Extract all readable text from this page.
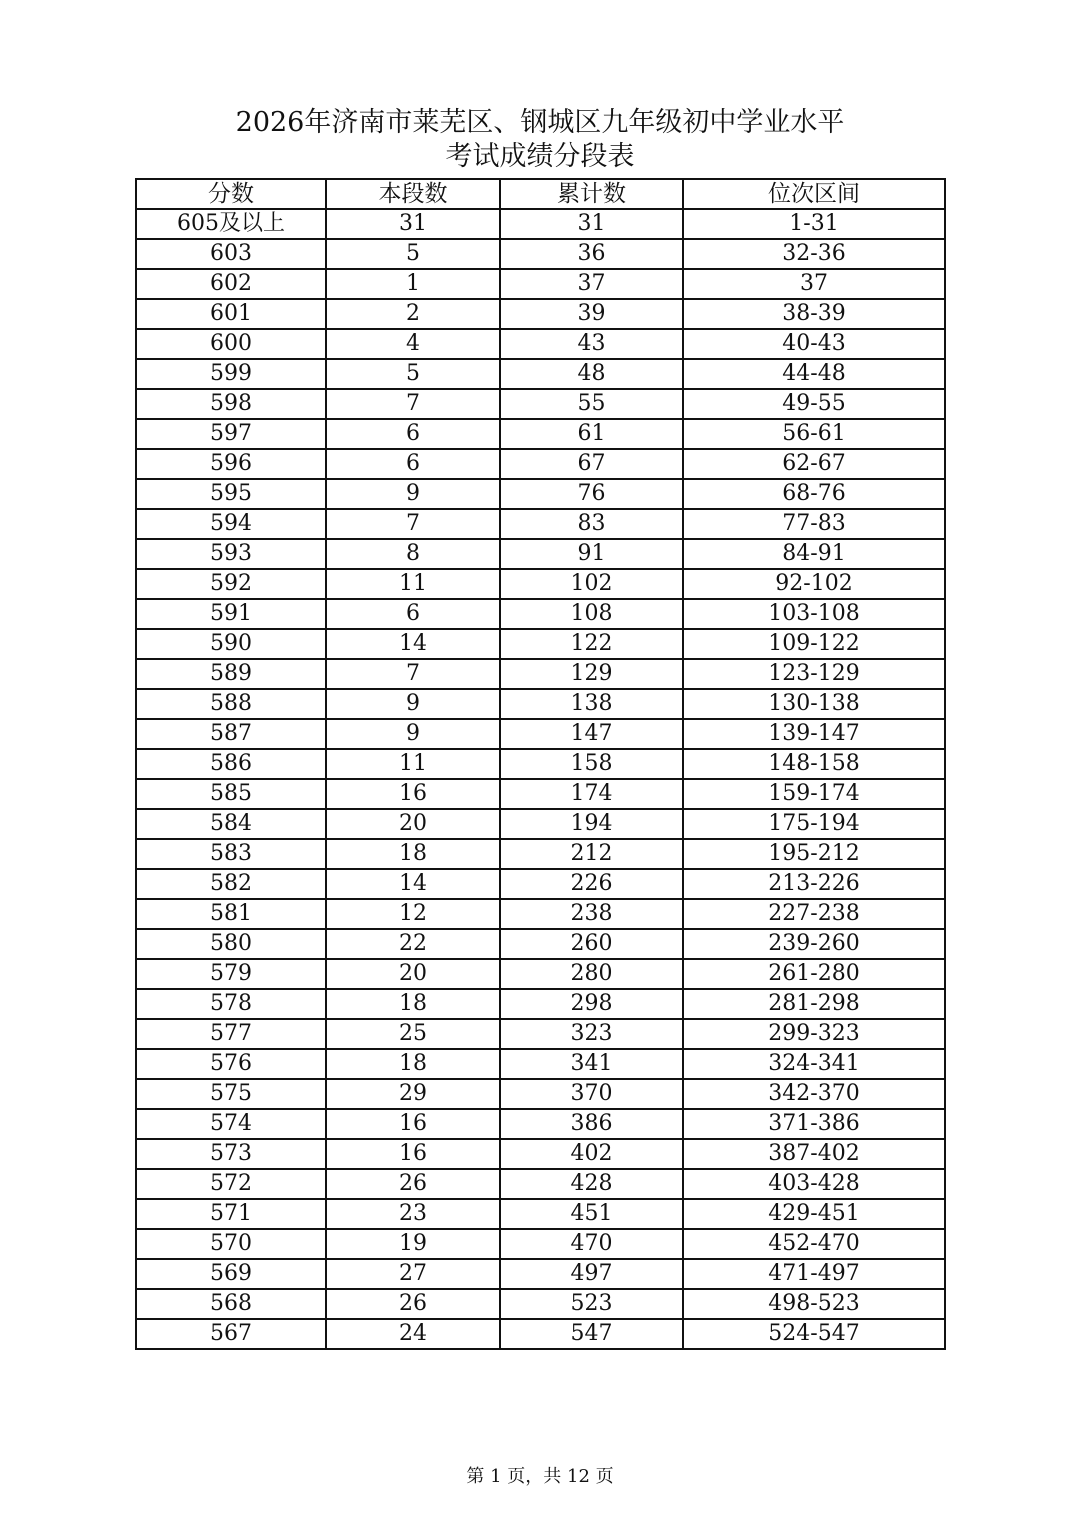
2026年济南市莱芜区、钢城区九年级初中学业水平
考试成绩分段表
分数	本段数	累计数	位次区间
605及以上	31	31	1-31
603	5	36	32-36
602	1	37	37
601	2	39	38-39
600	4	43	40-43
599	5	48	44-48
598	7	55	49-55
597	6	61	56-61
596	6	67	62-67
595	9	76	68-76
594	7	83	77-83
593	8	91	84-91
592	11	102	92-102
591	6	108	103-108
590	14	122	109-122
589	7	129	123-129
588	9	138	130-138
587	9	147	139-147
586	11	158	148-158
585	16	174	159-174
584	20	194	175-194
583	18	212	195-212
582	14	226	213-226
581	12	238	227-238
580	22	260	239-260
579	20	280	261-280
578	18	298	281-298
577	25	323	299-323
576	18	341	324-341
575	29	370	342-370
574	16	386	371-386
573	16	402	387-402
572	26	428	403-428
571	23	451	429-451
570	19	470	452-470
569	27	497	471-497
568	26	523	498-523
567	24	547	524-547
第 1 页，共 12 页
